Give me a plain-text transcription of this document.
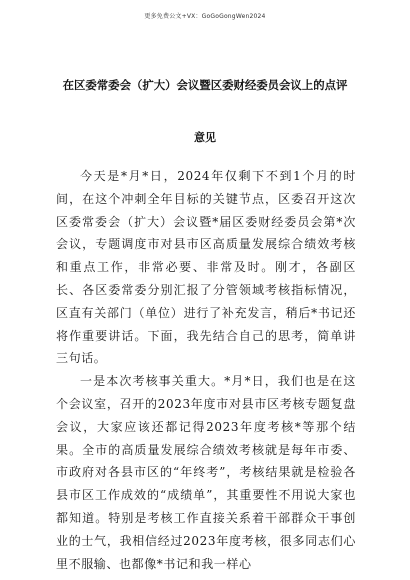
更多免费公文+VX：GoGoGongWen2024
在区委常委会（扩大）会议暨区委财经委员会议上的点评
意见

今天是*月*日，2024年仅剩下不到1个月的时间，在这个冲刺全年目标的关键节点，区委召开这次区委常委会（扩大）会议暨*届区委财经委员会第*次会议，专题调度市对县市区高质量发展综合绩效考核和重点工作，非常必要、非常及时。刚才，各副区长、各区委常委分别汇报了分管领域考核指标情况，区直有关部门（单位）进行了补充发言，稍后*书记还将作重要讲话。下面，我先结合自己的思考，简单讲三句话。

一是本次考核事关重大。*月*日，我们也是在这个会议室，召开的2023年度市对县市区考核专题复盘会议，大家应该还都记得2023年度考核*等那个结果。全市的高质量发展综合绩效考核就是每年市委、市政府对各县市区的“年终考”，考核结果就是检验各县市区工作成效的“成绩单”，其重要性不用说大家也都知道。特别是考核工作直接关系着干部群众干事创业的士气，我相信经过2023年度考核，很多同志们心里不服输、也都像*书记和我一样心
